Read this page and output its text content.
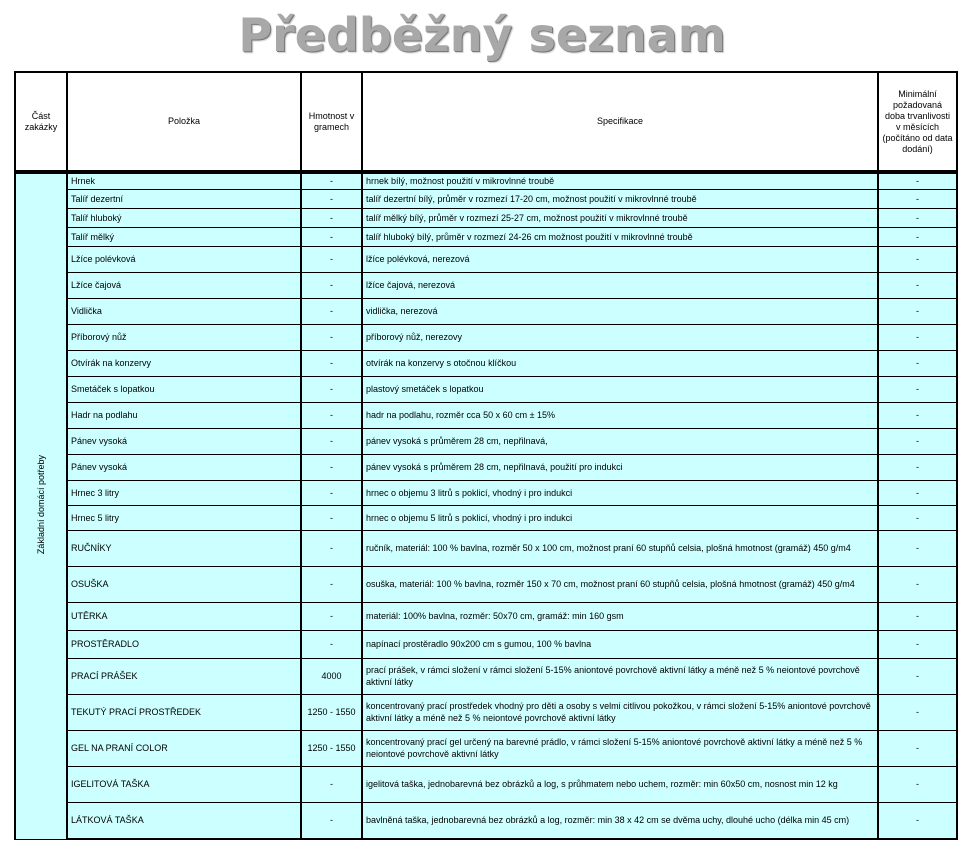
Předběžný seznam
Část zakázky	Položka	Hmotnost v gramech	Specifikace	Minimální požadovaná doba trvanlivosti v měsících (počítáno od data dodání)
Základní domácí potřeby	Hrnek	-	hrnek bílý, možnost použití v mikrovlnné troubě	-
	Talíř dezertní	-	talíř dezertní bílý, průměr v rozmezí 17-20 cm, možnost použití v mikrovlnné troubě	-
	Talíř hluboký	-	talíř mělký bílý, průměr v rozmezí 25-27 cm, možnost použití v mikrovlnné troubě	-
	Talíř mělký	-	talíř hluboký bílý, průměr v rozmezí 24-26 cm možnost použití v mikrovlnné troubě	-
	Lžíce polévková	-	lžíce polévková, nerezová	-
	Lžíce čajová	-	lžíce čajová, nerezová	-
	Vidlička	-	vidlička, nerezová	-
	Příborový nůž	-	příborový nůž, nerezovy	-
	Otvírák na konzervy	-	otvírák na konzervy s otočnou klíčkou	-
	Smetáček s lopatkou	-	plastový smetáček s lopatkou	-
	Hadr na podlahu	-	hadr na podlahu, rozměr cca 50 x 60 cm ± 15%	-
	Pánev vysoká	-	pánev vysoká s průměrem 28 cm, nepřilnavá,	-
	Pánev vysoká	-	pánev vysoká s průměrem 28 cm, nepřilnavá, použití pro indukci	-
	Hrnec 3 litry	-	hrnec o objemu 3 litrů s poklicí, vhodný i pro indukci	-
	Hrnec 5 litry	-	hrnec o objemu 5 litrů s poklicí, vhodný i pro indukci	-
	RUČNÍKY	-	ručník, materiál: 100 % bavlna, rozměr 50 x 100 cm, možnost praní 60 stupňů celsia, plošná hmotnost (gramáž) 450 g/m4	-
	OSUŠKA	-	osuška, materiál: 100 % bavlna, rozměr 150 x 70 cm, možnost praní 60 stupňů celsia, plošná hmotnost (gramáž) 450 g/m4	-
	UTĚRKA	-	materiál: 100% bavlna, rozměr: 50x70 cm, gramáž: min 160 gsm	-
	PROSTĚRADLO	-	napínací prostěradlo 90x200 cm s gumou, 100 % bavlna	-
	PRACÍ PRÁŠEK	4000	prací prášek, v rámci složení v rámci složení 5-15% aniontové povrchově aktivní látky a méně než 5 % neiontové povrchově aktivní látky	-
	TEKUTÝ PRACÍ PROSTŘEDEK	1250 - 1550	koncentrovaný prací prostředek vhodný pro děti a osoby s velmi citlivou pokožkou, v rámci složení 5-15% aniontové povrchově aktivní látky a méně než 5 % neiontové povrchově aktivní látky	-
	GEL NA PRANÍ COLOR	1250 - 1550	koncentrovaný prací gel určený na barevné prádlo, v rámci složení 5-15% aniontové povrchově aktivní látky a méně než 5 % neiontové povrchově aktivní látky	-
	IGELITOVÁ TAŠKA	-	igelitová taška, jednobarevná bez obrázků a log, s průhmatem nebo uchem, rozměr: min 60x50 cm, nosnost min 12 kg	-
	LÁTKOVÁ TAŠKA	-	bavlněná taška, jednobarevná bez obrázků a log, rozměr: min 38 x 42 cm se dvěma uchy, dlouhé ucho (délka min 45 cm)	-
